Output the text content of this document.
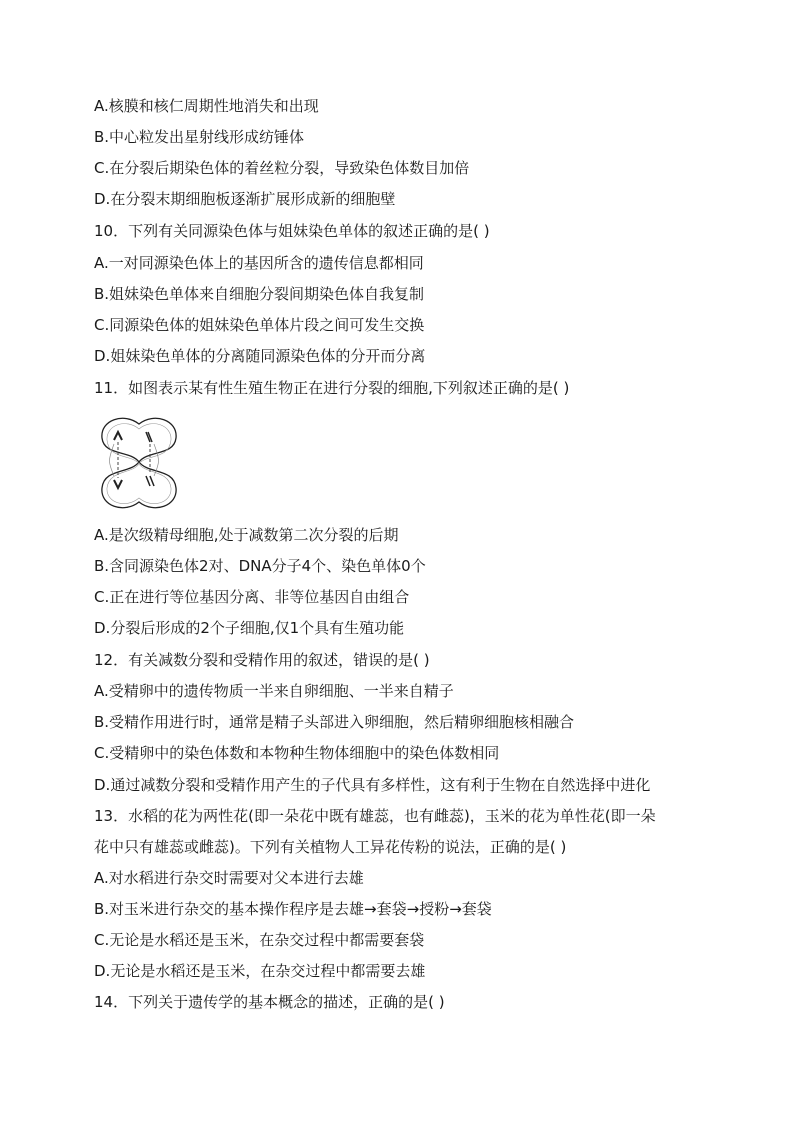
A.核膜和核仁周期性地消失和出现
B.中心粒发出星射线形成纺锤体
C.在分裂后期染色体的着丝粒分裂，导致染色体数目加倍
D.在分裂末期细胞板逐渐扩展形成新的细胞壁
10．下列有关同源染色体与姐妹染色单体的叙述正确的是( )
A.一对同源染色体上的基因所含的遗传信息都相同
B.姐妹染色单体来自细胞分裂间期染色体自我复制
C.同源染色体的姐妹染色单体片段之间可发生交换
D.姐妹染色单体的分离随同源染色体的分开而分离
11．如图表示某有性生殖生物正在进行分裂的细胞,下列叙述正确的是( )
A.是次级精母细胞,处于减数第二次分裂的后期
B.含同源染色体2对、DNA分子4个、染色单体0个
C.正在进行等位基因分离、非等位基因自由组合
D.分裂后形成的2个子细胞,仅1个具有生殖功能
12．有关减数分裂和受精作用的叙述，错误的是( )
A.受精卵中的遗传物质一半来自卵细胞、一半来自精子
B.受精作用进行时，通常是精子头部进入卵细胞，然后精卵细胞核相融合
C.受精卵中的染色体数和本物种生物体细胞中的染色体数相同
D.通过减数分裂和受精作用产生的子代具有多样性，这有利于生物在自然选择中进化
13．水稻的花为两性花(即一朵花中既有雄蕊，也有雌蕊)，玉米的花为单性花(即一朵
花中只有雄蕊或雌蕊)。下列有关植物人工异花传粉的说法，正确的是( )
A.对水稻进行杂交时需要对父本进行去雄
B.对玉米进行杂交的基本操作程序是去雄→套袋→授粉→套袋
C.无论是水稻还是玉米，在杂交过程中都需要套袋
D.无论是水稻还是玉米，在杂交过程中都需要去雄
14．下列关于遗传学的基本概念的描述，正确的是( )
